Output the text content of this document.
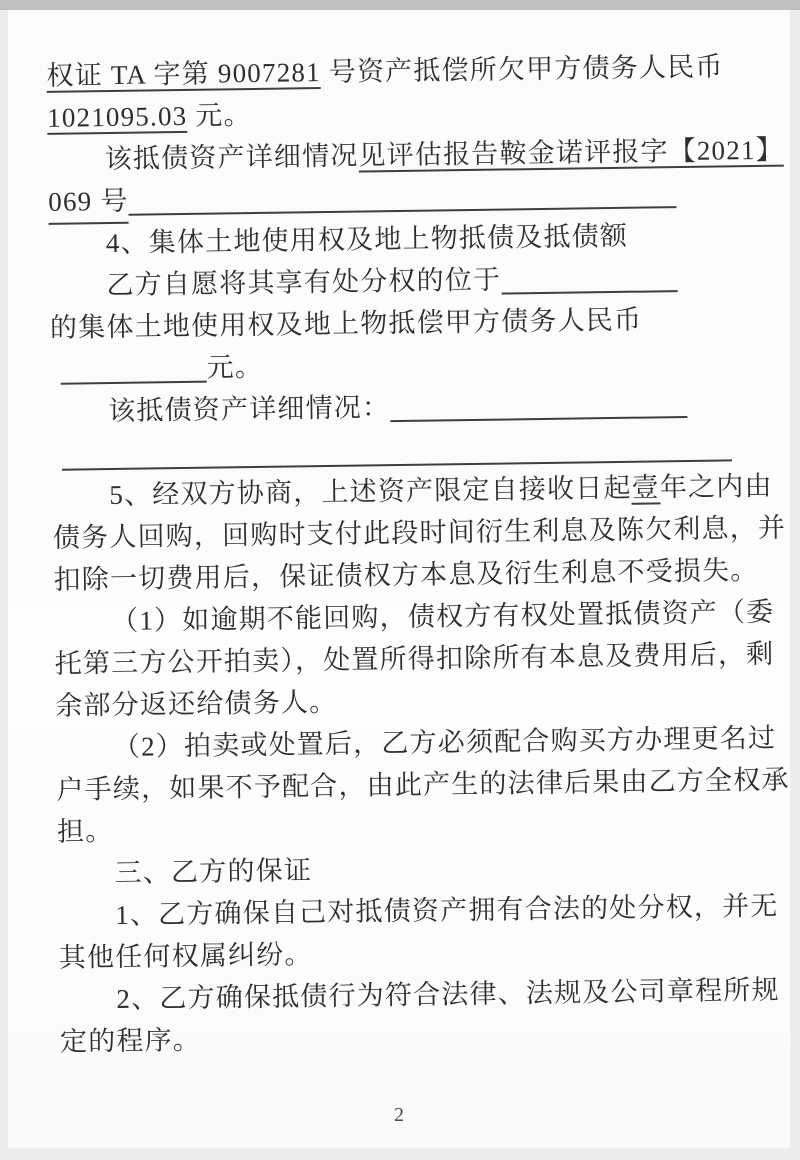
权证 TA 字第 9007281 号资产抵偿所欠甲方债务人民币
1021095.03 元。
该抵债资产详细情况见评估报告鞍金诺评报字【2021】
069 号
4、集体土地使用权及地上物抵债及抵债额
乙方自愿将其享有处分权的位于
的集体土地使用权及地上物抵偿甲方债务人民币
元。
该抵债资产详细情况：
5、经双方协商，上述资产限定自接收日起壹年之内由
债务人回购，回购时支付此段时间衍生利息及陈欠利息，并
扣除一切费用后，保证债权方本息及衍生利息不受损失。
（1）如逾期不能回购，债权方有权处置抵债资产（委
托第三方公开拍卖），处置所得扣除所有本息及费用后，剩
余部分返还给债务人。
（2）拍卖或处置后，乙方必须配合购买方办理更名过
户手续，如果不予配合，由此产生的法律后果由乙方全权承
担。
三、乙方的保证
1、乙方确保自己对抵债资产拥有合法的处分权，并无
其他任何权属纠纷。
2、乙方确保抵债行为符合法律、法规及公司章程所规
定的程序。
2
